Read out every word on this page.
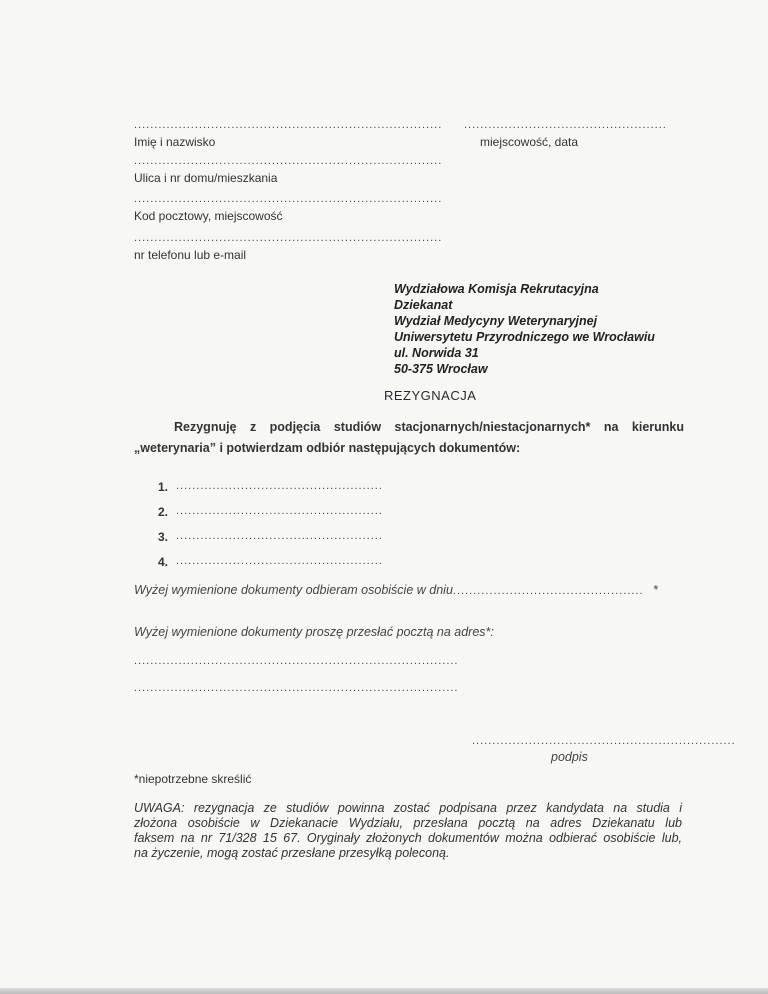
............................................................................
Imię i nazwisko
..................................................
miejscowość, data
............................................................................
Ulica i nr domu/mieszkania
............................................................................
Kod pocztowy, miejscowość
............................................................................
nr telefonu lub e-mail
Wydziałowa Komisja Rekrutacyjna
Dziekanat
Wydział Medycyny Weterynaryjnej
Uniwersytetu Przyrodniczego we Wrocławiu
ul. Norwida 31
50-375 Wrocław
REZYGNACJA
Rezygnuję z podjęcia studiów stacjonarnych/niestacjonarnych* na kierunku
„weterynaria” i potwierdzam odbiór następujących dokumentów:
1. ...................................................
2. ...................................................
3. ...................................................
4. ...................................................
Wyżej wymienione dokumenty odbieram osobiście w dniu ............................................... *
Wyżej wymienione dokumenty proszę przesłać pocztą na adres*:
................................................................................
................................................................................
.................................................................
podpis
*niepotrzebne skreślić
UWAGA: rezygnacja ze studiów powinna zostać podpisana przez kandydata na studia i
złożona osobiście w Dziekanacie Wydziału, przesłana pocztą na adres Dziekanatu lub
faksem na nr 71/328 15 67. Oryginały złożonych dokumentów można odbierać osobiście lub,
na życzenie, mogą zostać przesłane przesyłką poleconą.
